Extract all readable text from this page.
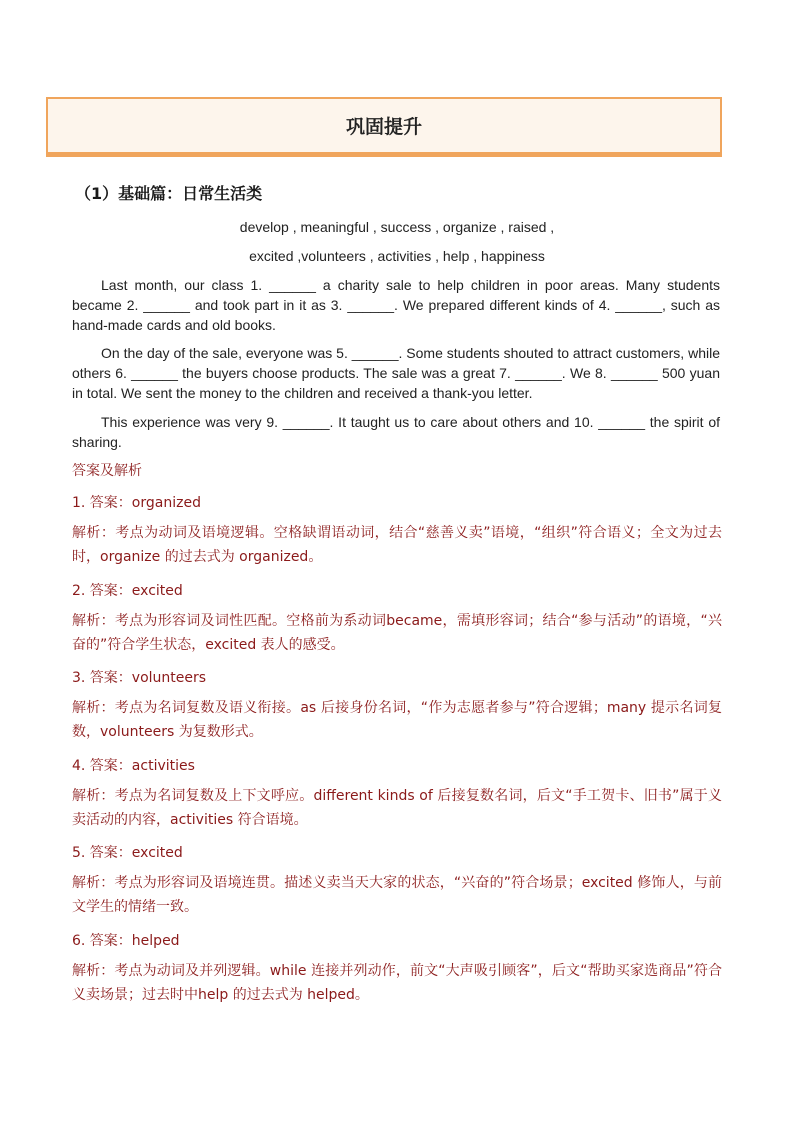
巩固提升
（1）基础篇：日常生活类
develop , meaningful , success , organize , raised ,
excited ,volunteers , activities , help , happiness
Last month, our class 1. ______ a charity sale to help children in poor areas. Many students became 2. ______ and took part in it as 3. ______. We prepared different kinds of 4. ______, such as hand-made cards and old books.
On the day of the sale, everyone was 5. ______. Some students shouted to attract customers, while others 6. ______ the buyers choose products. The sale was a great 7. ______. We 8. ______ 500 yuan in total. We sent the money to the children and received a thank-you letter.
This experience was very 9. ______. It taught us to care about others and 10. ______ the spirit of sharing.
答案及解析
1. 答案：organized
解析：考点为动词及语境逻辑。空格缺谓语动词，结合“慈善义卖”语境，“组织”符合语义；全文为过去时，organize 的过去式为 organized。
2. 答案：excited
解析：考点为形容词及词性匹配。空格前为系动词became，需填形容词；结合“参与活动”的语境，“兴奋的”符合学生状态，excited 表人的感受。
3. 答案：volunteers
解析：考点为名词复数及语义衔接。as 后接身份名词，“作为志愿者参与”符合逻辑；many 提示名词复数，volunteers 为复数形式。
4. 答案：activities
解析：考点为名词复数及上下文呼应。different kinds of 后接复数名词，后文“手工贺卡、旧书”属于义卖活动的内容，activities 符合语境。
5. 答案：excited
解析：考点为形容词及语境连贯。描述义卖当天大家的状态，“兴奋的”符合场景；excited 修饰人，与前文学生的情绪一致。
6. 答案：helped
解析：考点为动词及并列逻辑。while 连接并列动作，前文“大声吸引顾客”，后文“帮助买家选商品”符合义卖场景；过去时中help 的过去式为 helped。
